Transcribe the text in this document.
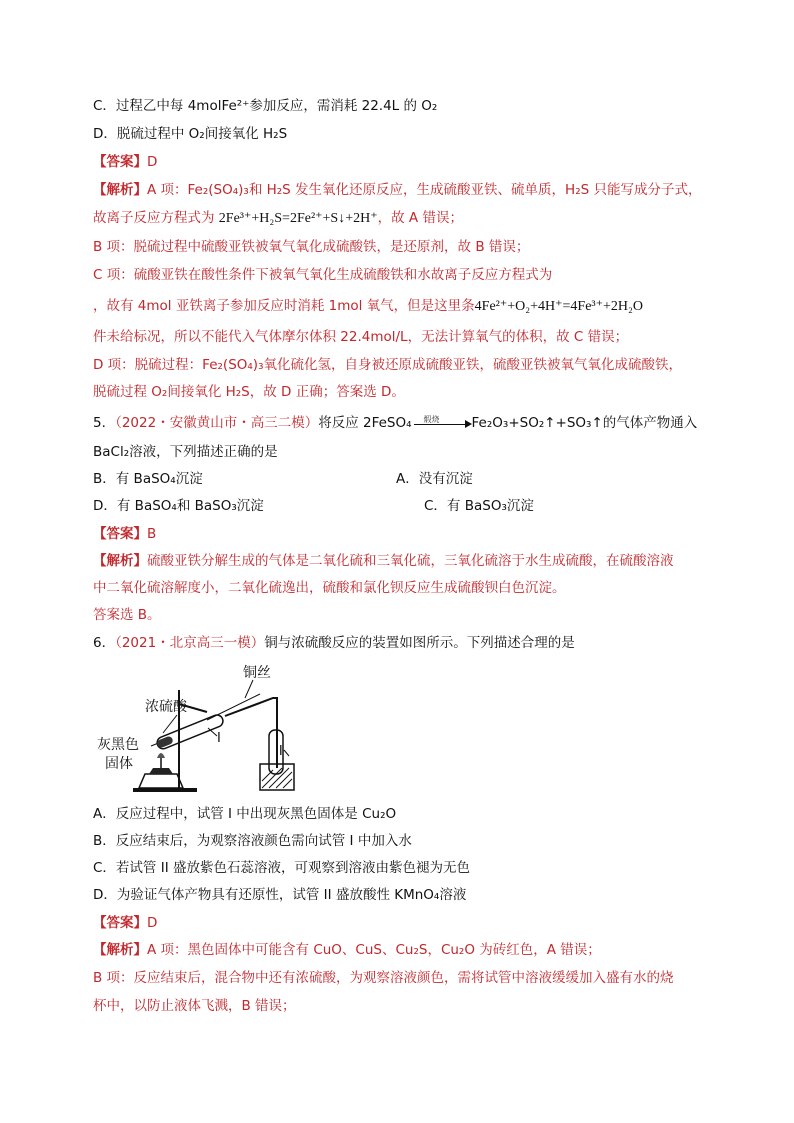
C．过程乙中每 4molFe²⁺参加反应，需消耗 22.4L 的 O₂
D．脱硫过程中 O₂间接氧化 H₂S
【答案】D
【解析】A 项：Fe₂(SO₄)₃和 H₂S 发生氧化还原反应，生成硫酸亚铁、硫单质，H₂S 只能写成分子式，
故离子反应方程式为 2Fe³⁺+H₂S=2Fe²⁺+S↓+2H⁺，故 A 错误；
B 项：脱硫过程中硫酸亚铁被氧气氧化成硫酸铁，是还原剂，故 B 错误；
C 项：硫酸亚铁在酸性条件下被氧气氧化生成硫酸铁和水故离子反应方程式为
，故有 4mol 亚铁离子参加反应时消耗 1mol 氧气，但是这里条4Fe²⁺+O₂+4H⁺=4Fe³⁺+2H₂O
件未给标况，所以不能代入气体摩尔体积 22.4mol/L，无法计算氧气的体积，故 C 错误；
D 项：脱硫过程：Fe₂(SO₄)₃氧化硫化氢，自身被还原成硫酸亚铁，硫酸亚铁被氧气氧化成硫酸铁，
脱硫过程 O₂间接氧化 H₂S，故 D 正确；答案选 D。
5．（2022・安徽黄山市・高三二模）将反应 2FeSO₄ 煅烧 Fe₂O₃+SO₂↑+SO₃↑的气体产物通入
BaCl₂溶液，下列描述正确的是
B．有 BaSO₄沉淀	A．没有沉淀
D．有 BaSO₄和 BaSO₃沉淀	C．有 BaSO₃沉淀
【答案】B
【解析】硫酸亚铁分解生成的气体是二氧化硫和三氧化硫，三氧化硫溶于水生成硫酸，在硫酸溶液
中二氧化硫溶解度小，二氧化硫逸出，硫酸和氯化钡反应生成硫酸钡白色沉淀。
答案选 B。
6．（2021・北京高三一模）铜与浓硫酸反应的装置如图所示。下列描述合理的是
铜丝
浓硫酸
灰黑色
固体
I
II
A．反应过程中，试管 I 中出现灰黑色固体是 Cu₂O
B．反应结束后，为观察溶液颜色需向试管 I 中加入水
C．若试管 II 盛放紫色石蕊溶液，可观察到溶液由紫色褪为无色
D．为验证气体产物具有还原性，试管 II 盛放酸性 KMnO₄溶液
【答案】D
【解析】A 项：黑色固体中可能含有 CuO、CuS、Cu₂S，Cu₂O 为砖红色，A 错误；
B 项：反应结束后，混合物中还有浓硫酸，为观察溶液颜色，需将试管中溶液缓缓加入盛有水的烧
杯中，以防止液体飞溅，B 错误；
